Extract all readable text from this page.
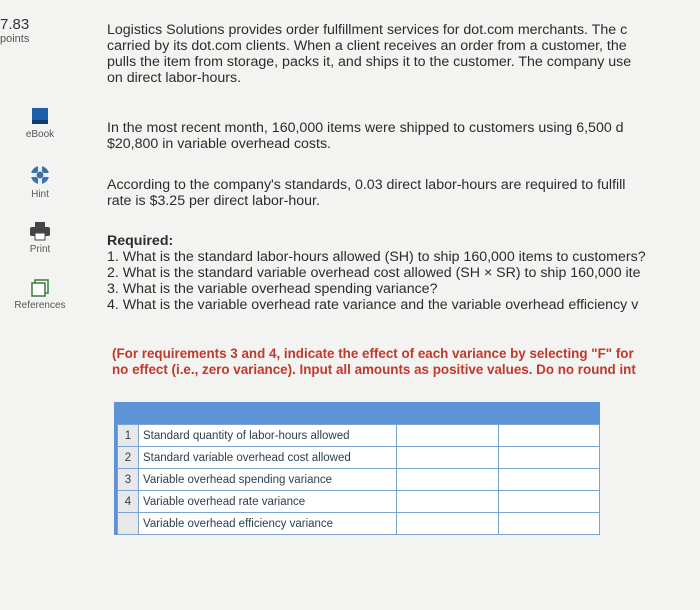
7.83
points
eBook
Hint
Print
References
Logistics Solutions provides order fulfillment services for dot.com merchants. The c
carried by its dot.com clients. When a client receives an order from a customer, the
pulls the item from storage, packs it, and ships it to the customer. The company use
on direct labor-hours.
In the most recent month, 160,000 items were shipped to customers using 6,500 d
$20,800 in variable overhead costs.
According to the company's standards, 0.03 direct labor-hours are required to fulfill
rate is $3.25 per direct labor-hour.
Required:
1. What is the standard labor-hours allowed (SH) to ship 160,000 items to customers?
2. What is the standard variable overhead cost allowed (SH × SR) to ship 160,000 ite
3. What is the variable overhead spending variance?
4. What is the variable overhead rate variance and the variable overhead efficiency v
(For requirements 3 and 4, indicate the effect of each variance by selecting "F" for
no effect (i.e., zero variance). Input all amounts as positive values. Do no round int
1	Standard quantity of labor-hours allowed		
2	Standard variable overhead cost allowed		
3	Variable overhead spending variance		
4	Variable overhead rate variance		
	Variable overhead efficiency variance		
